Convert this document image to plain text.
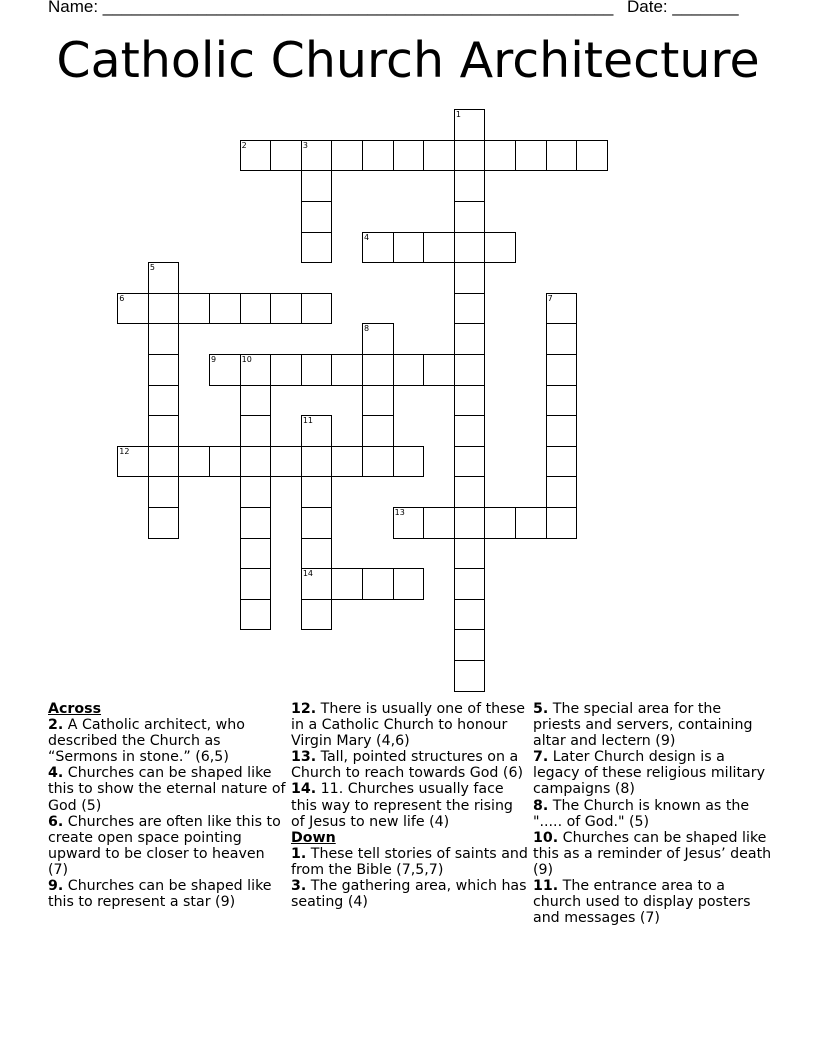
Name: ______________________________________________________ Date: _______
Catholic Church Architecture
1
2	3
4
5
6	7
8
9	10
11
14
12
13
Across

2. A Catholic architect, who described the Church as “Sermons in stone.” (6,5)

4. Churches can be shaped like this to show the eternal nature of God (5)

6. Churches are often like this to create open space pointing upward to be closer to heaven (7)

9. Churches can be shaped like this to represent a star (9)

12. There is usually one of these in a Catholic Church to honour Virgin Mary (4,6)

13. Tall, pointed structures on a Church to reach towards God (6)

14. 11. Churches usually face this way to represent the rising of Jesus to new life (4)

Down

1. These tell stories of saints and from the Bible (7,5,7)

3. The gathering area, which has seating (4)

5. The special area for the priests and servers, containing altar and lectern (9)

7. Later Church design is a legacy of these religious military campaigns (8)

8. The Church is known as the "..... of God." (5)

10. Churches can be shaped like this as a reminder of Jesus’ death (9)

11. The entrance area to a church used to display posters and messages (7)
